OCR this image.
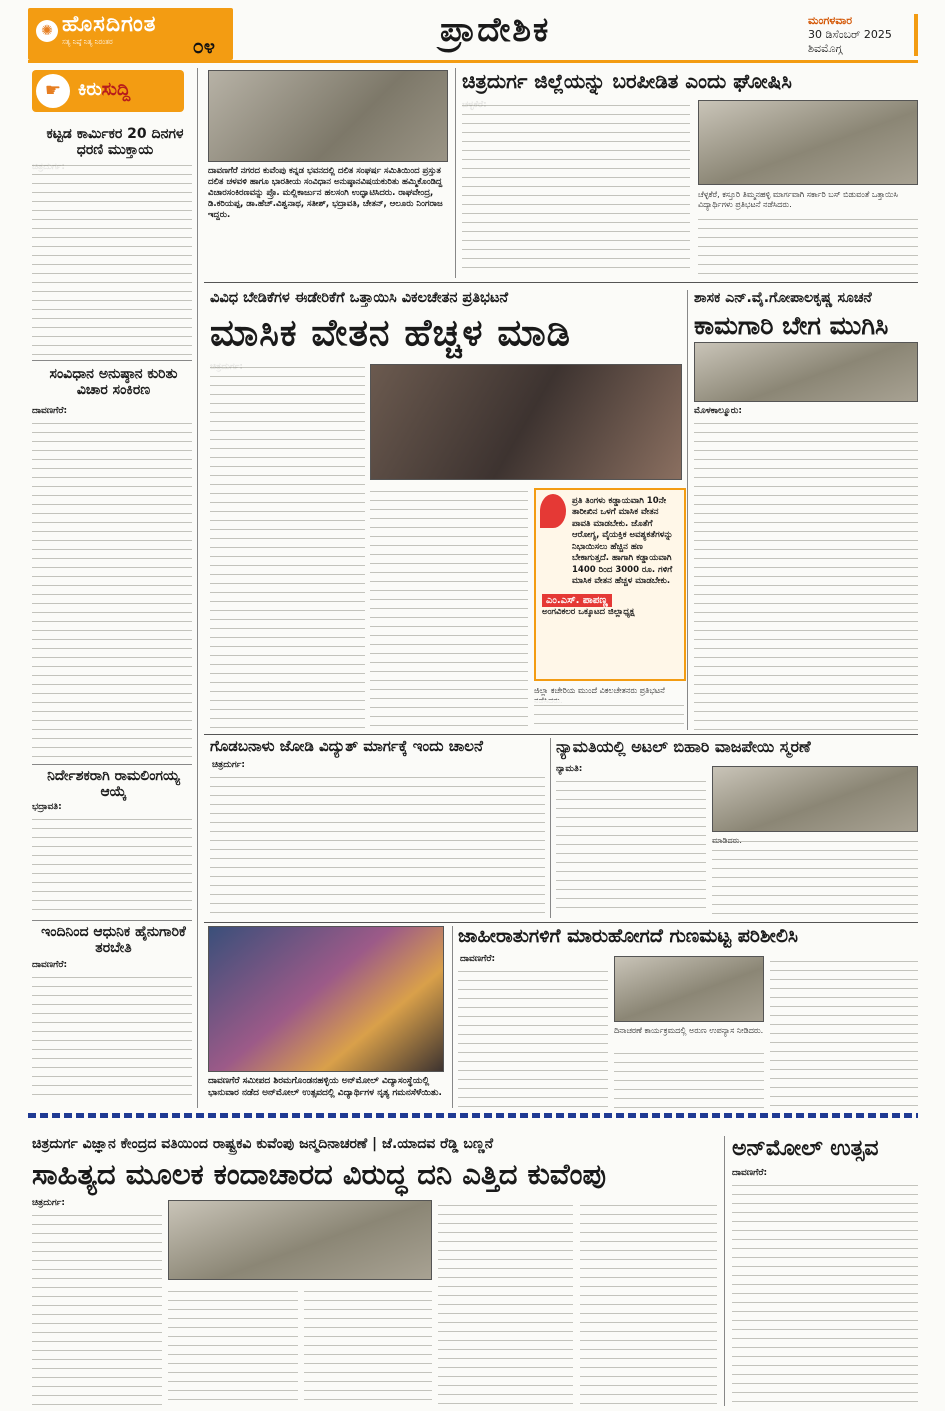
✺ ಹೊಸದಿಗಂತ
ಸತ್ಯ ನಿಷ್ಠೆ ನಿತ್ಯ ನಿರಂತರ	೦೪	ಪ್ರಾದೇಶಿಕ	ಮಂಗಳವಾರ
30 ಡಿಸೆಂಬರ್ 2025
ಶಿವಮೊಗ್ಗ
☛ ಕಿರುಸುದ್ದಿ
ಕಟ್ಟಡ ಕಾರ್ಮಿಕರ 20 ದಿನಗಳ ಧರಣಿ ಮುಕ್ತಾಯ
ಸಂವಿಧಾನ ಅನುಷ್ಠಾನ ಕುರಿತು ವಿಚಾರ ಸಂಕಿರಣ
ದಾವಣಗೆರೆ:
ನಿರ್ದೇಶಕರಾಗಿ ರಾಮಲಿಂಗಯ್ಯ ಆಯ್ಕೆ
ಭದ್ರಾವತಿ:
ಇಂದಿನಿಂದ ಆಧುನಿಕ ಹೈನುಗಾರಿಕೆ ತರಬೇತಿ
ದಾವಣಗೆರೆ:
ದಾವಣಗೆರೆ ನಗರದ ಕುವೆಂಪು ಕನ್ನಡ ಭವನದಲ್ಲಿ ದಲಿತ ಸಂಘರ್ಷ ಸಮಿತಿಯಿಂದ ಪ್ರಸ್ತುತ ದಲಿತ ಚಳವಳಿ ಹಾಗೂ ಭಾರತೀಯ ಸಂವಿಧಾನ ಅನುಷ್ಠಾನವಿಷಯಕುರಿತು ಹಮ್ಮಿಕೊಂಡಿದ್ದ ವಿಚಾರಸಂಕಿರಣವನ್ನು ಪ್ರೊ. ಮಲ್ಲಿಕಾರ್ಜುನ ಹಲಸಂಗಿ ಉದ್ಘಾಟಿಸಿದರು. ರಾಘವೇಂದ್ರ, ಡಿ.ಕರಿಯಪ್ಪ, ಡಾ.ಹೆಚ್.ವಿಶ್ವನಾಥ, ಸತೀಶ್, ಭದ್ರಾವತಿ, ಚೇತನ್, ಆಲೂರು ನಿಂಗರಾಜ ಇದ್ದರು.
ಚಿತ್ರದುರ್ಗ ಜಿಲ್ಲೆಯನ್ನು ಬರಪೀಡಿತ ಎಂದು ಘೋಷಿಸಿ
ಚೆಳ್ಳಕೆರೆ, ಕಸ್ತೂರಿ ತಿಮ್ಮನಹಳ್ಳಿ ಮಾರ್ಗವಾಗಿ ಸರ್ಕಾರಿ ಬಸ್ ಬಿಡುವಂತೆ ಒತ್ತಾಯಿಸಿ ವಿದ್ಯಾರ್ಥಿಗಳು ಪ್ರತಿಭಟನೆ ನಡೆಸಿದರು.
ವಿವಿಧ ಬೇಡಿಕೆಗಳ ಈಡೇರಿಕೆಗೆ ಒತ್ತಾಯಿಸಿ ವಿಕಲಚೇತನ ಪ್ರತಿಭಟನೆ
ಮಾಸಿಕ ವೇತನ ಹೆಚ್ಚಳ ಮಾಡಿ
ಪ್ರತಿ ತಿಂಗಳು ಕಡ್ಡಾಯವಾಗಿ 10ನೇ ತಾರೀಖಿನ ಒಳಗೆ ಮಾಸಿಕ ವೇತನ ಪಾವತಿ ಮಾಡಬೇಕು. ಜೊತೆಗೆ ಆರೋಗ್ಯ, ವೈಯಕ್ತಿಕ ಅವಶ್ಯಕತೆಗಳನ್ನು ನಿಭಾಯಿಸಲು ಹೆಚ್ಚಿನ ಹಣ ಬೇಕಾಗುತ್ತದೆ. ಹಾಗಾಗಿ ಕಡ್ಡಾಯವಾಗಿ 1400 ರಿಂದ 3000 ರೂ. ಗಳಿಗೆ ಮಾಸಿಕ ವೇತನ ಹೆಚ್ಚಳ ಮಾಡಬೇಕು.
ಎಂ.ಎಸ್. ಪಾಪಣ್ಣ
ಅಂಗವಿಕಲರ ಒಕ್ಕೂಟದ ಜಿಲ್ಲಾಧ್ಯಕ್ಷ
ಜಿಲ್ಲಾ ಕಚೇರಿಯ ಮುಂದೆ ವಿಕಲಚೇತನರು ಪ್ರತಿಭಟನೆ
ಶಾಸಕ ಎನ್.ವೈ.ಗೋಪಾಲಕೃಷ್ಣ ಸೂಚನೆ
ಕಾಮಗಾರಿ ಬೇಗ ಮುಗಿಸಿ
ಮೊಳಕಾಲ್ಮೂರು:
ಗೊಡಬನಾಳು ಜೋಡಿ ವಿದ್ಯುತ್ ಮಾರ್ಗಕ್ಕೆ ಇಂದು ಚಾಲನೆ
ಚಿತ್ರದುರ್ಗ:
ನ್ಯಾಮತಿಯಲ್ಲಿ ಅಟಲ್ ಬಿಹಾರಿ ವಾಜಪೇಯಿ ಸ್ಮರಣೆ
ನ್ಯಾಮತಿ:
ಮಾಡಿದರು.
ದಾವಣಗೆರೆ ಸಮೀಪದ ಶಿರಮಗೊಂಡನಹಳ್ಳಿಯ ಅನ್‌ಮೋಲ್ ವಿದ್ಯಾಸಂಸ್ಥೆಯಲ್ಲಿ ಭಾನುವಾರ ನಡೆದ ಅನ್‌ಮೋಲ್ ಉತ್ಸವದಲ್ಲಿ ವಿದ್ಯಾರ್ಥಿಗಳ ನೃತ್ಯ ಗಮನಸೆಳೆಯಿತು.
ಜಾಹೀರಾತುಗಳಿಗೆ ಮಾರುಹೋಗದೆ ಗುಣಮಟ್ಟ ಪರಿಶೀಲಿಸಿ
ದಾವಣಗೆರೆ:
ದಿನಾಚರಣೆ ಕಾರ್ಯಕ್ರಮದಲ್ಲಿ ಅರುಣ ಉಪನ್ಯಾಸ ನೀಡಿದರು.
ಚಿತ್ರದುರ್ಗ ವಿಜ್ಞಾನ ಕೇಂದ್ರದ ವತಿಯಿಂದ ರಾಷ್ಟ್ರಕವಿ ಕುವೆಂಪು ಜನ್ಮದಿನಾಚರಣೆ | ಜೆ.ಯಾದವ ರೆಡ್ಡಿ ಬಣ್ಣನೆ
ಸಾಹಿತ್ಯದ ಮೂಲಕ ಕಂದಾಚಾರದ ವಿರುದ್ಧ ದನಿ ಎತ್ತಿದ ಕುವೆಂಪು
ಚಿತ್ರದುರ್ಗ:
ಅನ್‌ಮೋಲ್ ಉತ್ಸವ
ದಾವಣಗೆರೆ:
